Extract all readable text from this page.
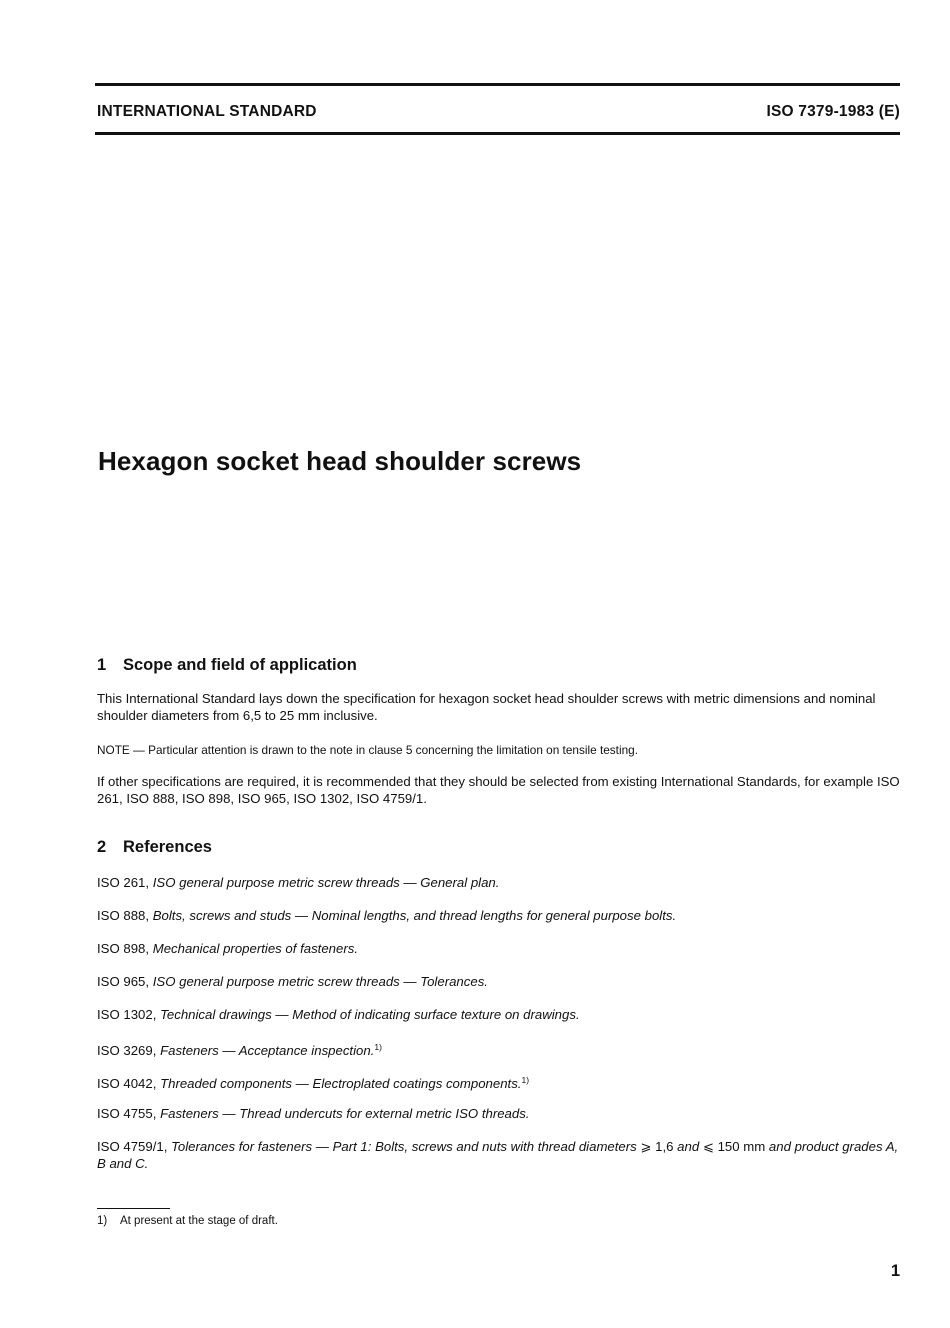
INTERNATIONAL STANDARD	ISO 7379-1983 (E)
Hexagon socket head shoulder screws
1 Scope and field of application
This International Standard lays down the specification for hexagon socket head shoulder screws with metric dimensions and nominal shoulder diameters from 6,5 to 25 mm inclusive.
NOTE — Particular attention is drawn to the note in clause 5 concerning the limitation on tensile testing.
If other specifications are required, it is recommended that they should be selected from existing International Standards, for example ISO 261, ISO 888, ISO 898, ISO 965, ISO 1302, ISO 4759/1.
2 References
ISO 261, ISO general purpose metric screw threads — General plan.
ISO 888, Bolts, screws and studs — Nominal lengths, and thread lengths for general purpose bolts.
ISO 898, Mechanical properties of fasteners.
ISO 965, ISO general purpose metric screw threads — Tolerances.
ISO 1302, Technical drawings — Method of indicating surface texture on drawings.
ISO 3269, Fasteners — Acceptance inspection.$^{1)}$
ISO 4042, Threaded components — Electroplated coatings components.$^{1)}$
ISO 4755, Fasteners — Thread undercuts for external metric ISO threads.
ISO 4759/1, Tolerances for fasteners — Part 1: Bolts, screws and nuts with thread diameters ⩾ 1,6 and ⩽ 150 mm and product grades A, B and C.
1) At present at the stage of draft.
1
